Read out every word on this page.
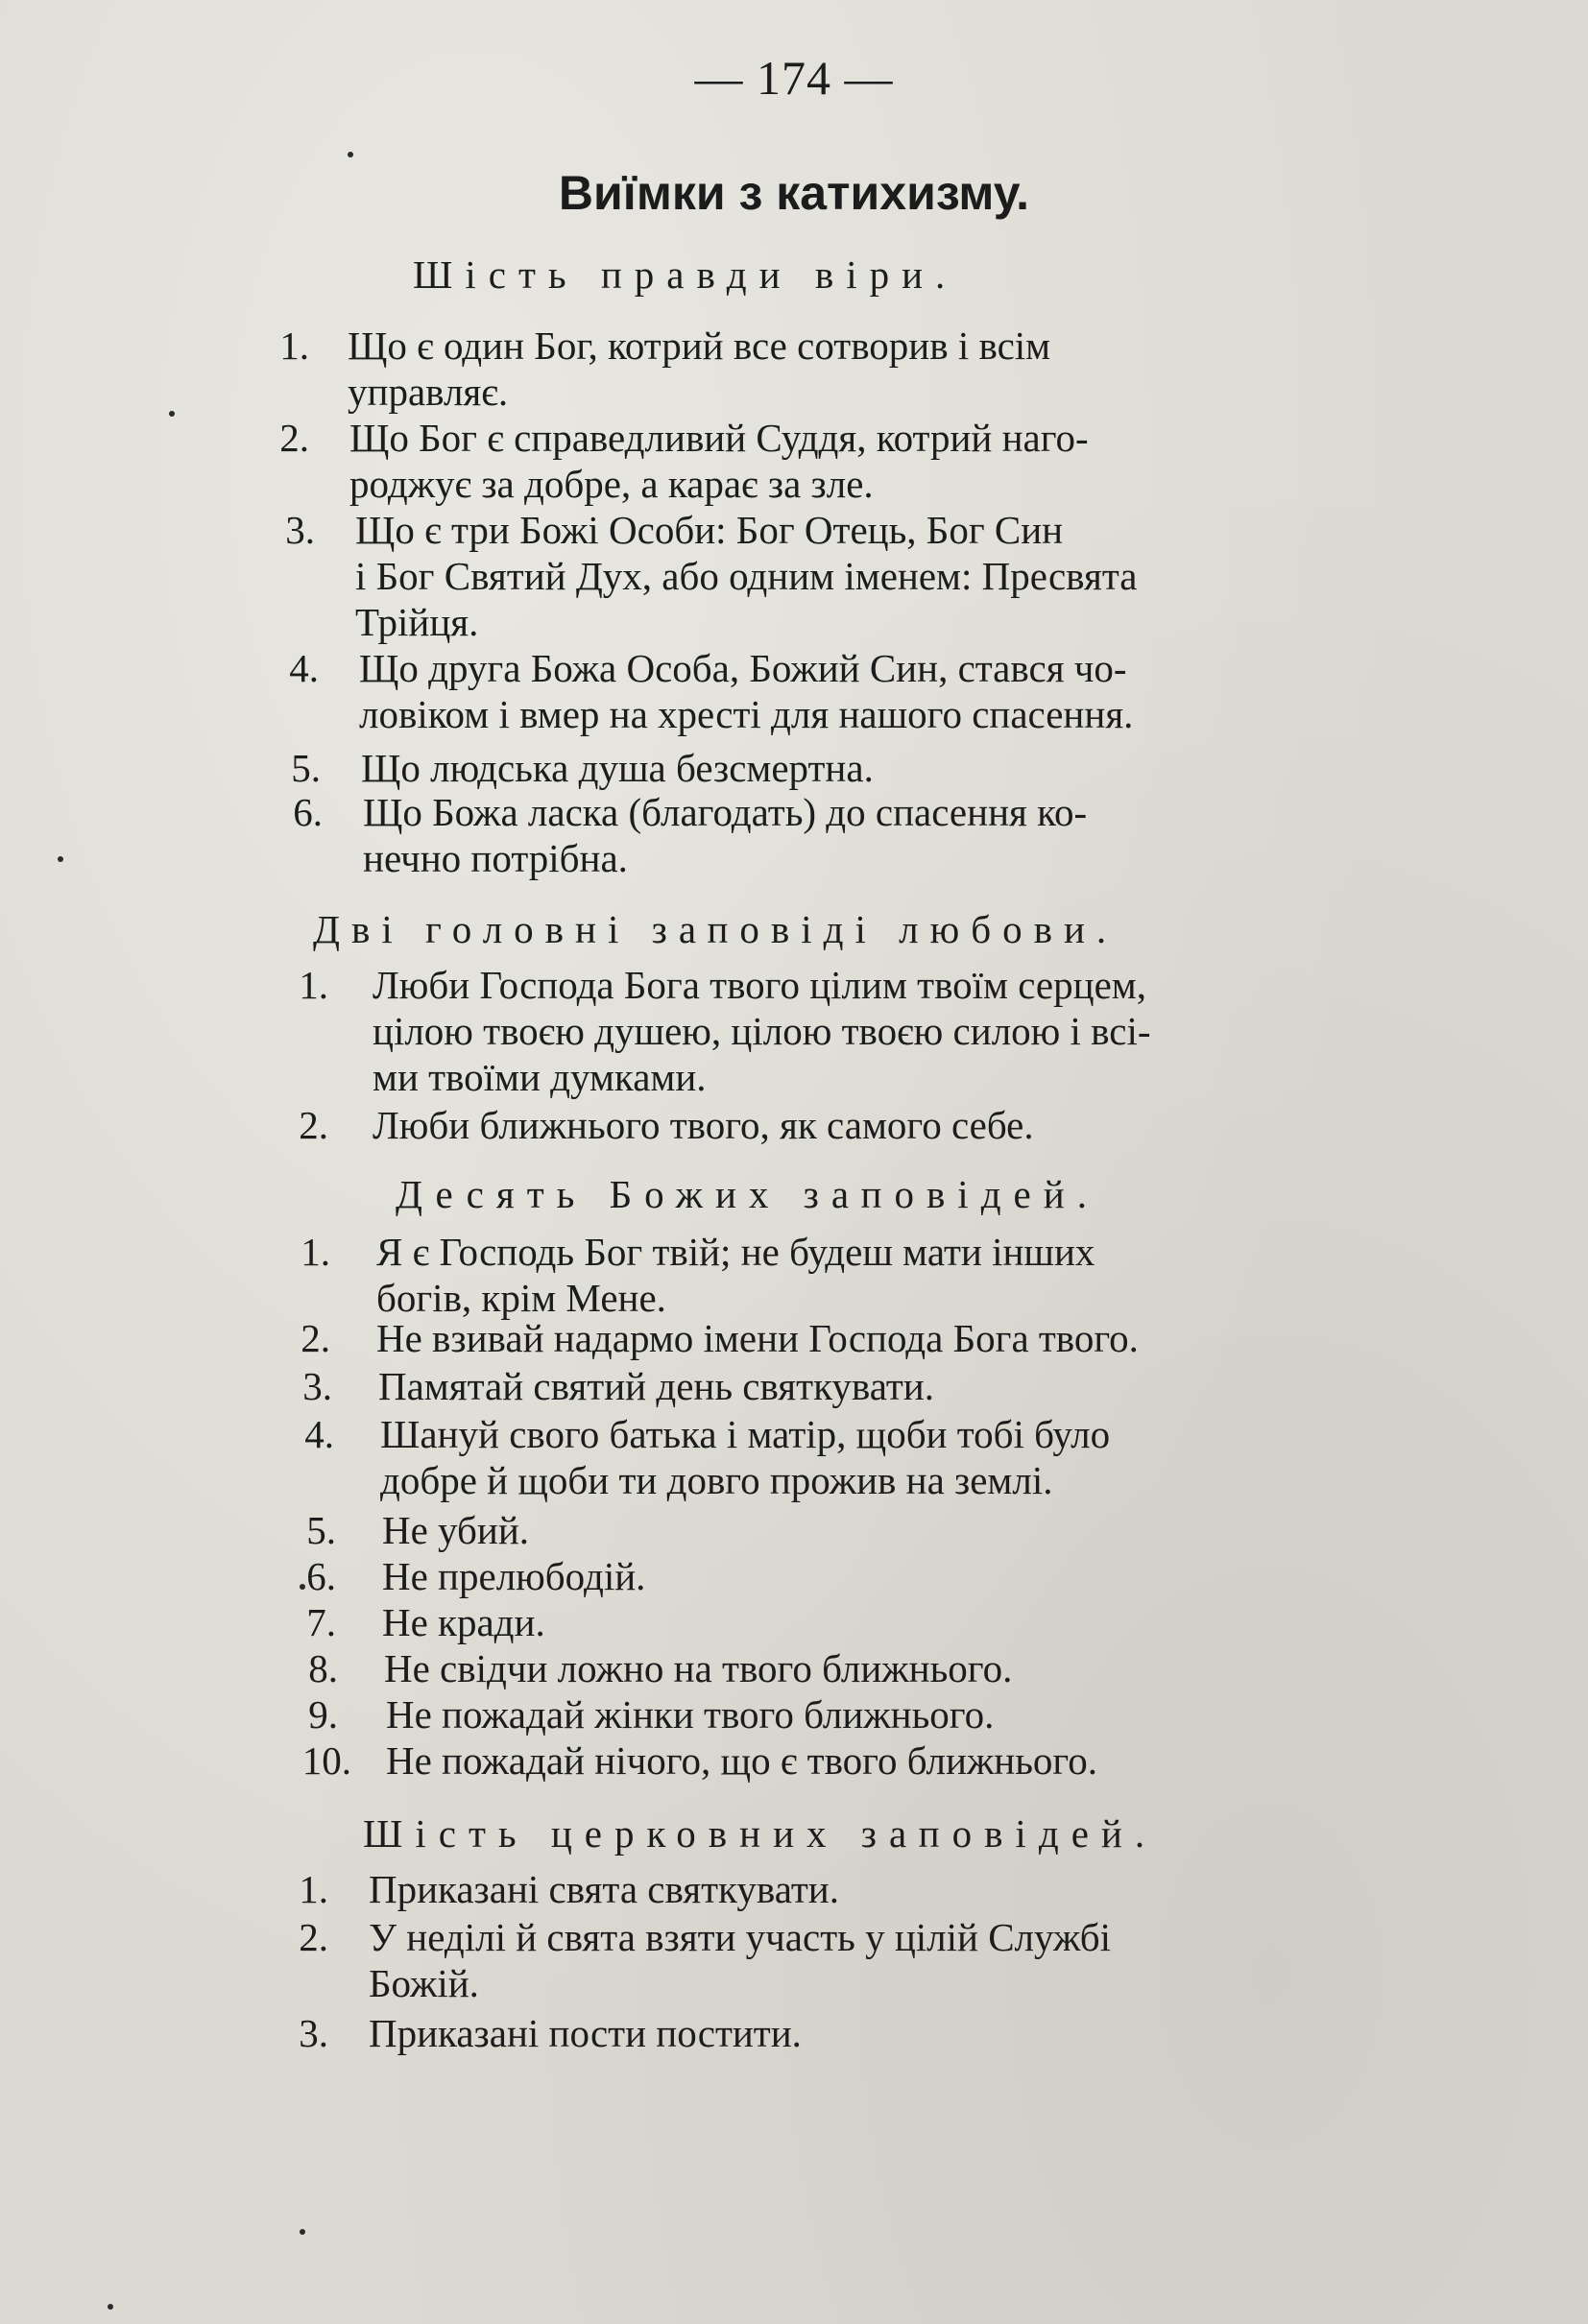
— 174 —
Виїмки з катихизму.
Шість правди віри.
1. Що є один Бог, котрий все сотворив і всім
управляє.
2. Що Бог є справедливий Суддя, котрий наго-
роджує за добре, а карає за зле.
3. Що є три Божі Особи: Бог Отець, Бог Син
і Бог Святий Дух, або одним іменем: Пресвята
Трійця.
4. Що друга Божа Особа, Божий Син, стався чо-
ловіком і вмер на хресті для нашого спасення.
5. Що людська душа безсмертна.
6. Що Божа ласка (благодать) до спасення ко-
нечно потрібна.
Дві головні заповіді любови.
1. Люби Господа Бога твого цілим твоїм серцем,
цілою твоєю душею, цілою твоєю силою і всі-
ми твоїми думками.
2. Люби ближнього твого, як самого себе.
Десять Божих заповідей.
1. Я є Господь Бог твій; не будеш мати інших
богів, крім Мене.
2. Не взивай надармо імени Господа Бога твого.
3. Памятай святий день святкувати.
4. Шануй свого батька і матір, щоби тобі було
добре й щоби ти довго прожив на землі.
5. Не убий.
6. Не прелюбодій.
7. Не кради.
8. Не свідчи ложно на твого ближнього.
9. Не пожадай жінки твого ближнього.
10. Не пожадай нічого, що є твого ближнього.
Шість церковних заповідей.
1. Приказані свята святкувати.
2. У неділі й свята взяти участь у цілій Службі
Божій.
3. Приказані пости постити.
